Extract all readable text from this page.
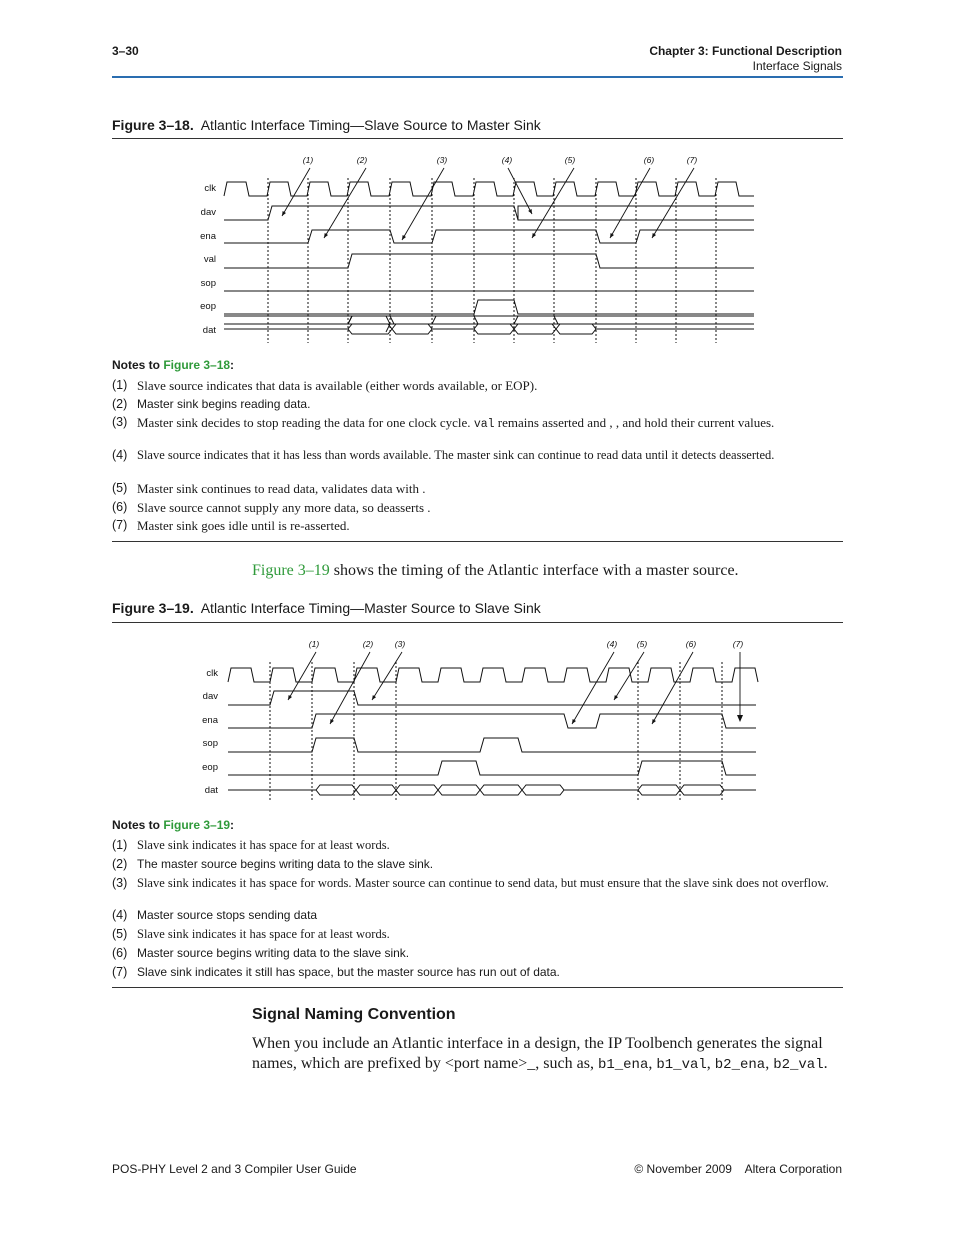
3–30	Chapter 3: Functional Description
Interface Signals
Figure 3–18. Atlantic Interface Timing—Slave Source to Master Sink
clk
dav
ena
val
sop
eop
dat
(1)	(2)	(3)	(4)	(5)	(6)	(7)
Notes to Figure 3–18:
(1) Slave source indicates that data is available (either words available, or EOP).
(2) Master sink begins reading data.
(3) Master sink decides to stop reading the data for one clock cycle. val remains asserted and , , and hold their current values.
(4) Slave source indicates that it has less than words available. The master sink can continue to read data until it detects deasserted.
(5) Master sink continues to read data, validates data with .
(6) Slave source cannot supply any more data, so deasserts .
(7) Master sink goes idle until is re-asserted.
Figure 3–19 shows the timing of the Atlantic interface with a master source.
Figure 3–19. Atlantic Interface Timing—Master Source to Slave Sink
clk
dav
ena
sop
eop
dat
(1)	(2)	(3)	(4) (5)	(6)	(7)
Notes to Figure 3–19:
(1) Slave sink indicates it has space for at least words.
(2) The master source begins writing data to the slave sink.
(3) Slave sink indicates it has space for words. Master source can continue to send data, but must ensure that the slave sink does not overflow.
(4) Master source stops sending data
(5) Slave sink indicates it has space for at least words.
(6) Master source begins writing data to the slave sink.
(7) Slave sink indicates it still has space, but the master source has run out of data.
Signal Naming Convention
When you include an Atlantic interface in a design, the IP Toolbench generates the signal names, which are prefixed by <port name>_, such as, b1_ena, b1_val, b2_ena, b2_val.
POS-PHY Level 2 and 3 Compiler User Guide	© November 2009 Altera Corporation
